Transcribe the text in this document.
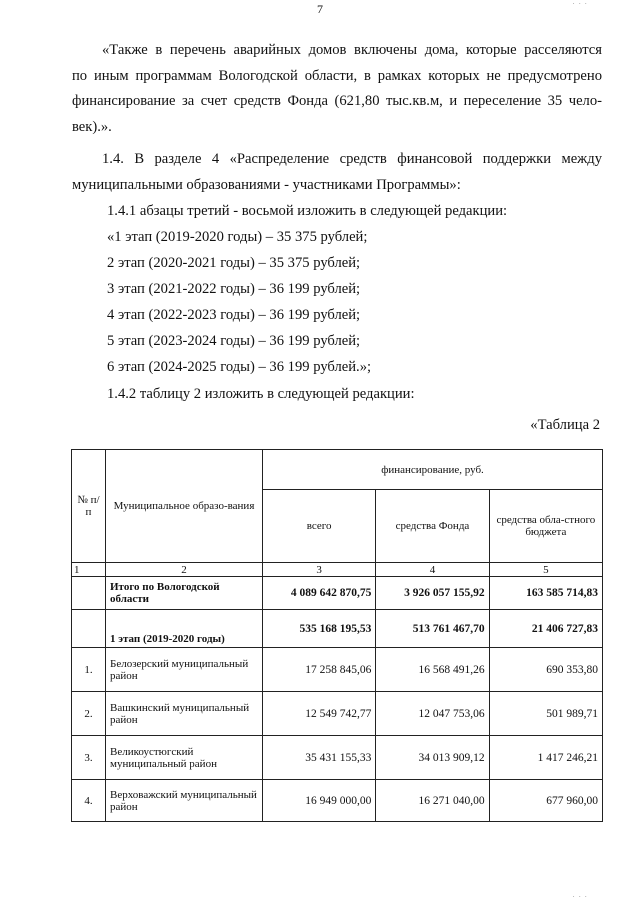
7
«Также в перечень аварийных домов включены дома, которые расселяются
по иным программам Вологодской области, в рамках которых не предусмотрено
финансирование за счет средств Фонда (621,80 тыс.кв.м, и переселение 35 чело-
век).».
1.4. В разделе 4 «Распределение средств финансовой поддержки между
муниципальными образованиями - участниками Программы»:
1.4.1 абзацы третий - восьмой изложить в следующей редакции:
«1 этап (2019-2020 годы) – 35 375 рублей;
2 этап (2020-2021 годы) – 35 375 рублей;
3 этап (2021-2022 годы) – 36 199 рублей;
4 этап (2022-2023 годы) – 36 199 рублей;
5 этап (2023-2024 годы) – 36 199 рублей;
6 этап (2024-2025 годы) – 36 199 рублей.»;
1.4.2 таблицу 2 изложить в следующей редакции:
«Таблица 2
№ п/п	Муниципальное образо-вания	финансирование, руб.		
		всего	средства Фонда	средства обла-стного бюджета
1	2	3	4	5
	Итого по Вологодской области	4 089 642 870,75	3 926 057 155,92	163 585 714,83
	1 этап (2019-2020 годы)	535 168 195,53	513 761 467,70	21 406 727,83
1.	Белозерский муниципальный район	17 258 845,06	16 568 491,26	690 353,80
2.	Вашкинский муниципальный район	12 549 742,77	12 047 753,06	501 989,71
3.	Великоустюгский муниципальный район	35 431 155,33	34 013 909,12	1 417 246,21
4.	Верховажский муниципальный район	16 949 000,00	16 271 040,00	677 960,00
· · ·
· · ·
